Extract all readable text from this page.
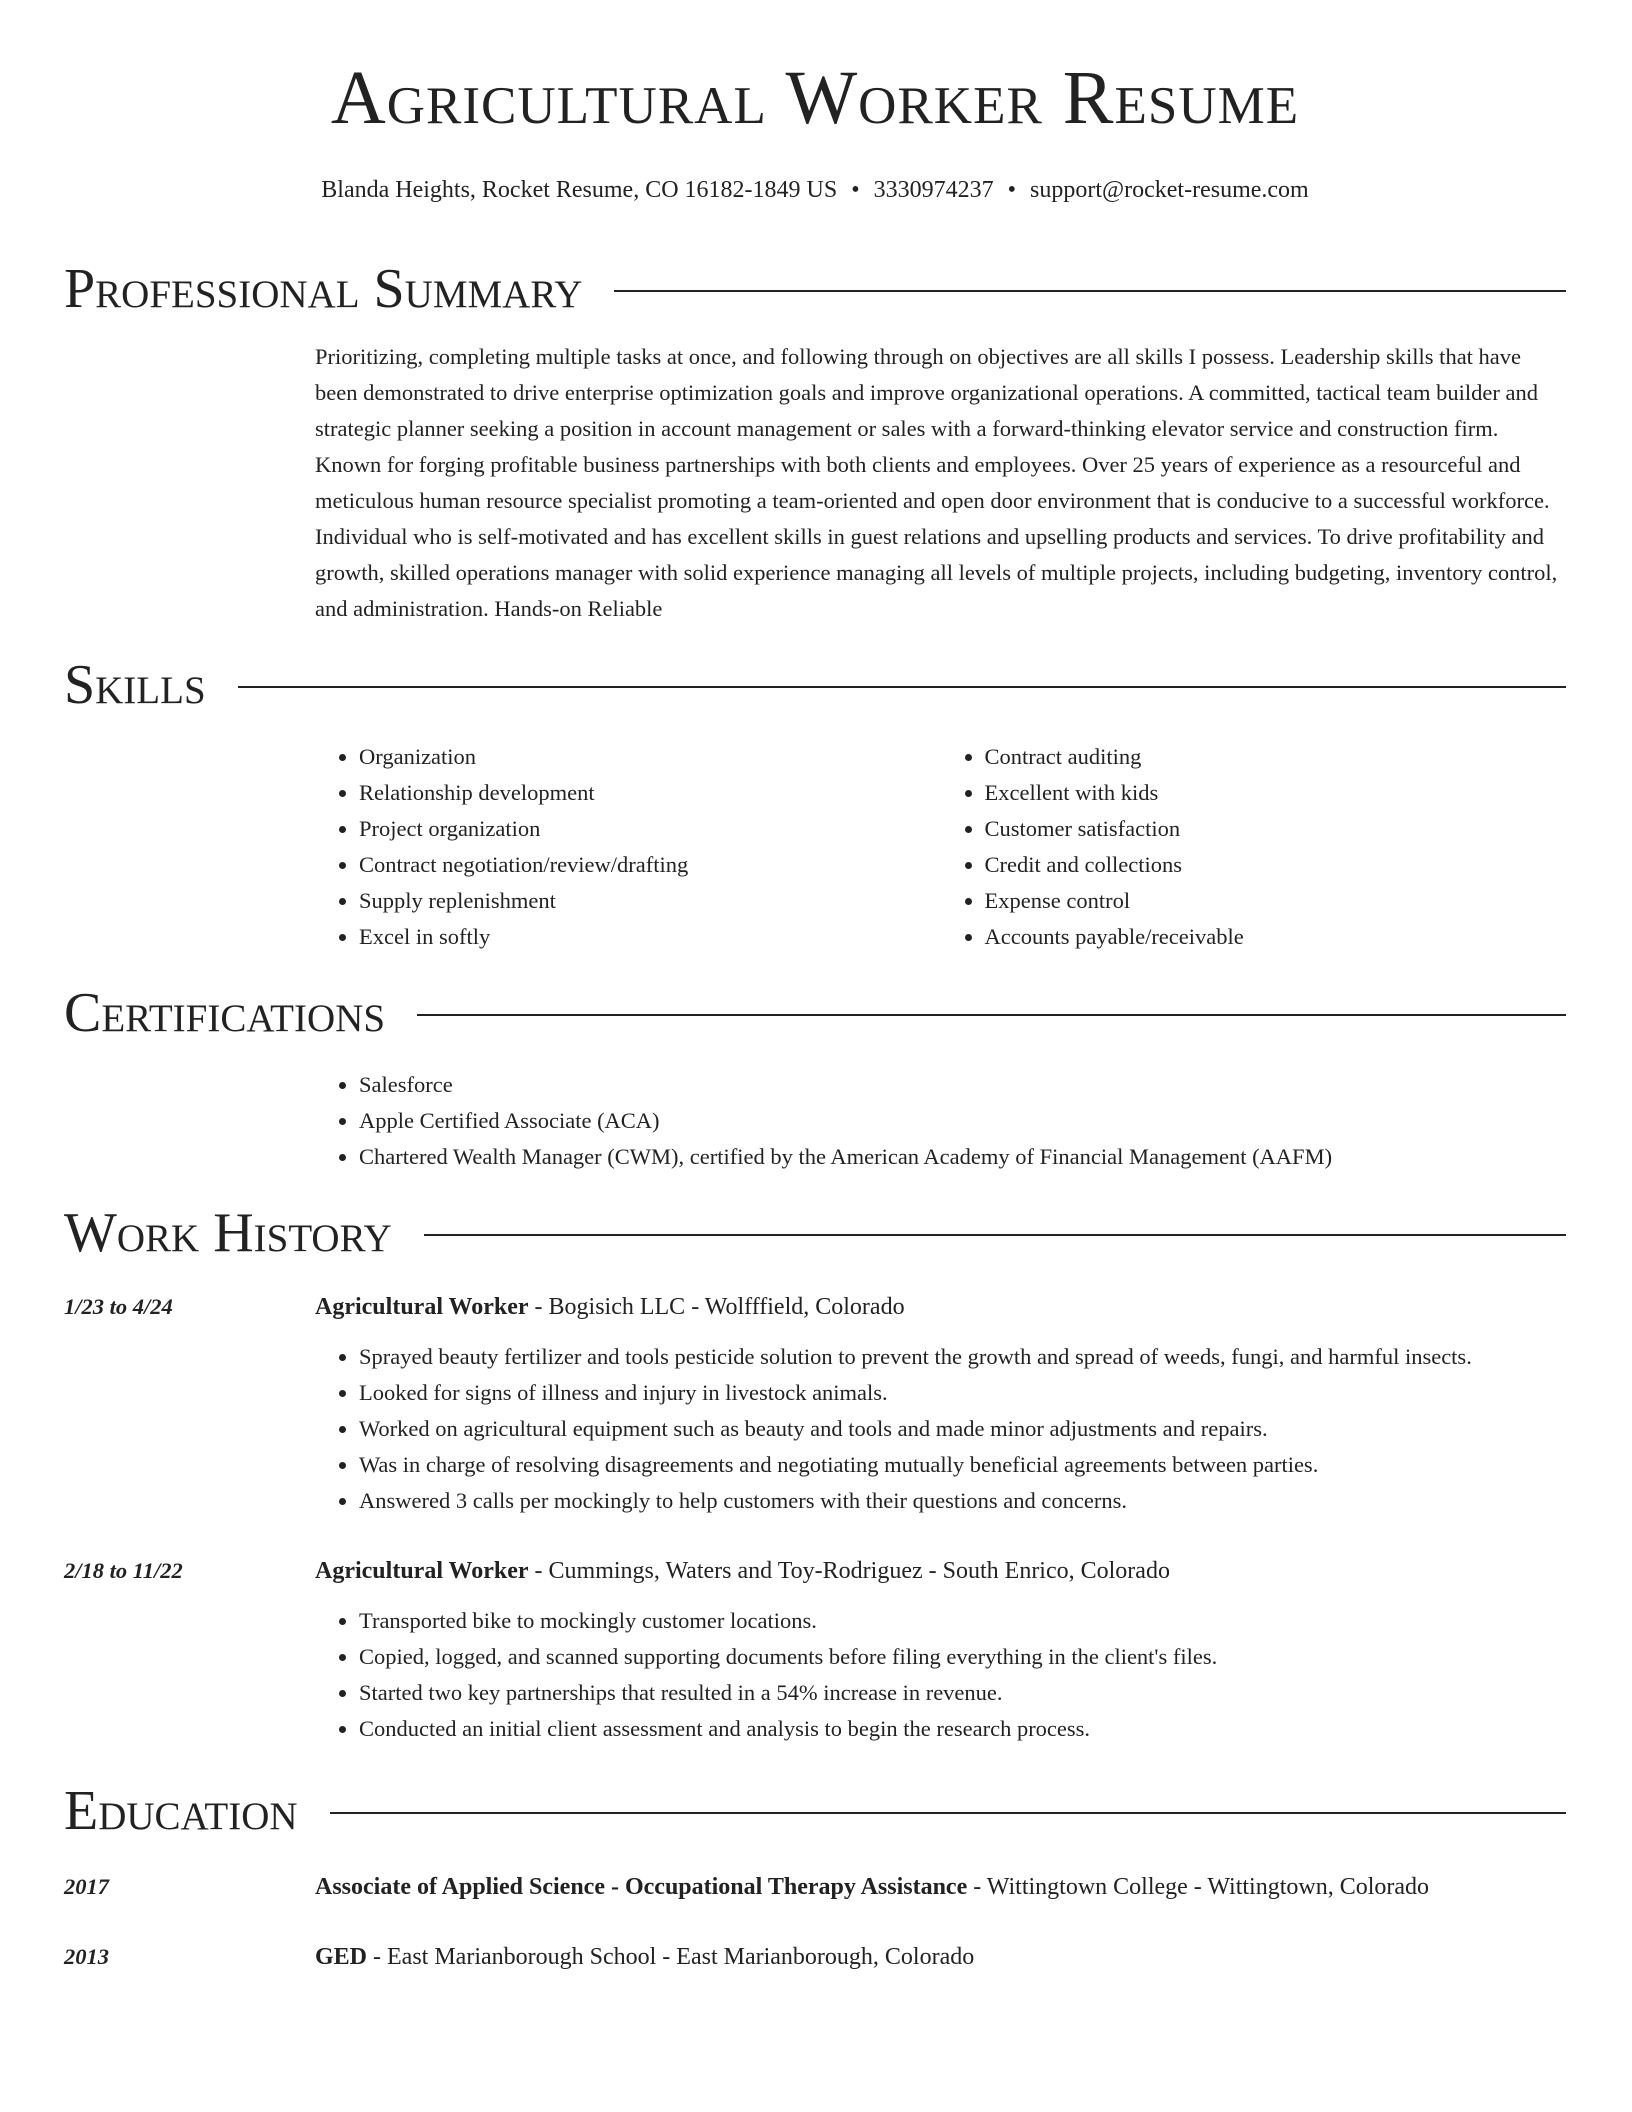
Agricultural Worker Resume
Blanda Heights, Rocket Resume, CO 16182-1849 US • 3330974237 • support@rocket-resume.com
Professional Summary
Prioritizing, completing multiple tasks at once, and following through on objectives are all skills I possess. Leadership skills that have been demonstrated to drive enterprise optimization goals and improve organizational operations. A committed, tactical team builder and strategic planner seeking a position in account management or sales with a forward-thinking elevator service and construction firm. Known for forging profitable business partnerships with both clients and employees. Over 25 years of experience as a resourceful and meticulous human resource specialist promoting a team-oriented and open door environment that is conducive to a successful workforce. Individual who is self-motivated and has excellent skills in guest relations and upselling products and services. To drive profitability and growth, skilled operations manager with solid experience managing all levels of multiple projects, including budgeting, inventory control, and administration. Hands-on Reliable
Skills
• Organization
• Relationship development
• Project organization
• Contract negotiation/review/drafting
• Supply replenishment
• Excel in softly
• Contract auditing
• Excellent with kids
• Customer satisfaction
• Credit and collections
• Expense control
• Accounts payable/receivable
Certifications
• Salesforce
• Apple Certified Associate (ACA)
• Chartered Wealth Manager (CWM), certified by the American Academy of Financial Management (AAFM)
Work History
1/23 to 4/24	Agricultural Worker - Bogisich LLC - Wolfffield, Colorado
• Sprayed beauty fertilizer and tools pesticide solution to prevent the growth and spread of weeds, fungi, and harmful insects.
• Looked for signs of illness and injury in livestock animals.
• Worked on agricultural equipment such as beauty and tools and made minor adjustments and repairs.
• Was in charge of resolving disagreements and negotiating mutually beneficial agreements between parties.
• Answered 3 calls per mockingly to help customers with their questions and concerns.
2/18 to 11/22	Agricultural Worker - Cummings, Waters and Toy-Rodriguez - South Enrico, Colorado
• Transported bike to mockingly customer locations.
• Copied, logged, and scanned supporting documents before filing everything in the client's files.
• Started two key partnerships that resulted in a 54% increase in revenue.
• Conducted an initial client assessment and analysis to begin the research process.
Education
2017	Associate of Applied Science - Occupational Therapy Assistance - Wittingtown College - Wittingtown, Colorado
2013	GED - East Marianborough School - East Marianborough, Colorado
